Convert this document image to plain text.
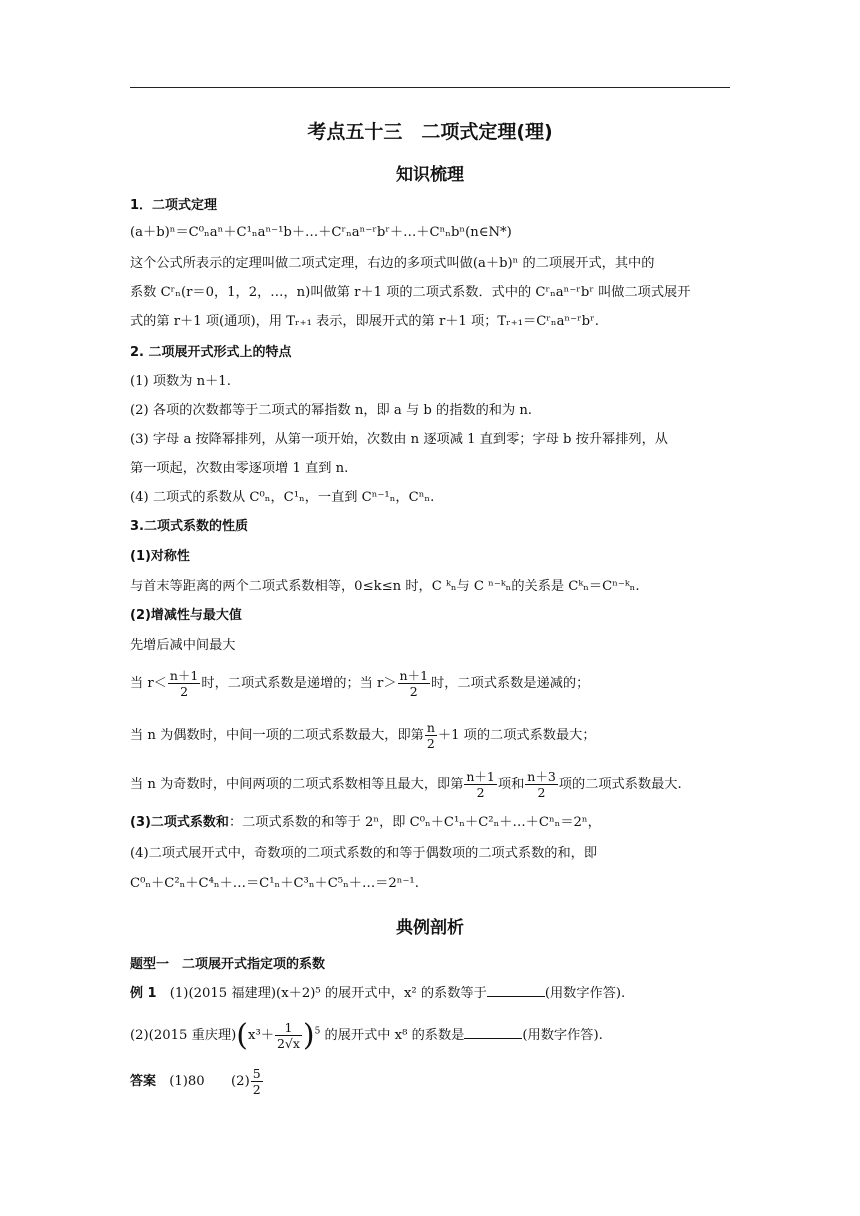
考点五十三　二项式定理(理)
知识梳理
1．二项式定理
(a＋b)ⁿ＝C⁰ₙaⁿ＋C¹ₙaⁿ⁻¹b＋…＋Cʳₙaⁿ⁻ʳbʳ＋…＋Cⁿₙbⁿ(n∈N*)
这个公式所表示的定理叫做二项式定理，右边的多项式叫做(a＋b)ⁿ 的二项展开式，其中的
系数 Cʳₙ(r＝0，1，2，…，n)叫做第 r＋1 项的二项式系数．式中的 Cʳₙaⁿ⁻ʳbʳ 叫做二项式展开
式的第 r＋1 项(通项)，用 Tᵣ₊₁ 表示，即展开式的第 r＋1 项；Tᵣ₊₁＝Cʳₙaⁿ⁻ʳbʳ.
2. 二项展开式形式上的特点
(1) 项数为 n＋1.
(2) 各项的次数都等于二项式的幂指数 n，即 a 与 b 的指数的和为 n.
(3) 字母 a 按降幂排列，从第一项开始，次数由 n 逐项减 1 直到零；字母 b 按升幂排列，从
第一项起，次数由零逐项增 1 直到 n.
(4) 二项式的系数从 C⁰ₙ，C¹ₙ，一直到 Cⁿ⁻¹ₙ，Cⁿₙ.
3.二项式系数的性质
(1)对称性
与首末等距离的两个二项式系数相等，0≤k≤n 时，C ᵏₙ与 C ⁿ⁻ᵏₙ的关系是 Cᵏₙ＝Cⁿ⁻ᵏₙ.
(2)增减性与最大值
先增后减中间最大
当 $r< \frac{n+1}{2}$ 时，二项式系数是递增的；当 $r> \frac{n+1}{2}$ 时，二项式系数是递减的；
当 n 为偶数时，中间一项的二项式系数最大，即第 $\frac{n}{2} +1$ 项的二项式系数最大；
当 n 为奇数时，中间两项的二项式系数相等且最大，即第 $\frac{n+1}{2}$ 项和 $\frac{n+3}{2}$ 项的二项式系数最大.
(3)二项式系数和：二项式系数的和等于 2ⁿ，即 C⁰ₙ＋C¹ₙ＋C²ₙ＋…＋Cⁿₙ＝2ⁿ，
(4)二项式展开式中，奇数项的二项式系数的和等于偶数项的二项式系数的和，即
C⁰ₙ＋C²ₙ＋C⁴ₙ＋…＝C¹ₙ＋C³ₙ＋C⁵ₙ＋…＝2ⁿ⁻¹.
典例剖析
题型一　二项展开式指定项的系数
例 1　(1)(2015 福建理)(x＋2)⁵ 的展开式中，x² 的系数等于	(用数字作答).
(2)(2015 重庆理)$(x^3+ \frac{1}{2√x} )^5$ 的展开式中 x⁸ 的系数是	(用数字作答).
答案　(1)80　　$(2) \frac{5}{2}$
